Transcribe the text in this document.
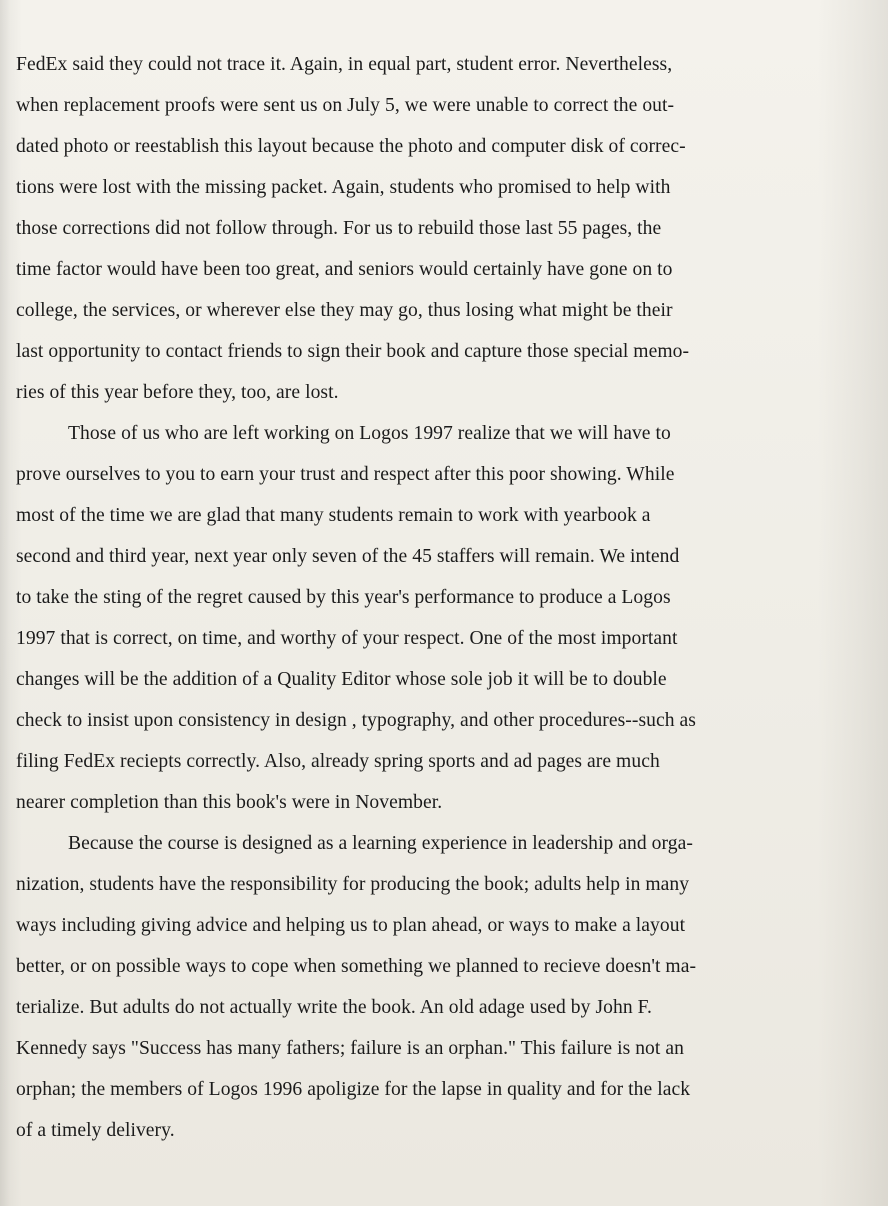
FedEx said they could not trace it. Again, in equal part, student error. Nevertheless,
when replacement proofs were sent us on July 5, we were unable to correct the out-
dated photo or reestablish this layout because the photo and computer disk of correc-
tions were lost with the missing packet. Again, students who promised to help with
those corrections did not follow through. For us to rebuild those last 55 pages, the
time factor would have been too great, and seniors would certainly have gone on to
college, the services, or wherever else they may go, thus losing what might be their
last opportunity to contact friends to sign their book and capture those special memo-
ries of this year before they, too, are lost.
Those of us who are left working on Logos 1997 realize that we will have to
prove ourselves to you to earn your trust and respect after this poor showing. While
most of the time we are glad that many students remain to work with yearbook a
second and third year, next year only seven of the 45 staffers will remain. We intend
to take the sting of the regret caused by this year's performance to produce a Logos
1997 that is correct, on time, and worthy of your respect. One of the most important
changes will be the addition of a Quality Editor whose sole job it will be to double
check to insist upon consistency in design , typography, and other procedures--such as
filing FedEx reciepts correctly. Also, already spring sports and ad pages are much
nearer completion than this book's were in November.
Because the course is designed as a learning experience in leadership and orga-
nization, students have the responsibility for producing the book; adults help in many
ways including giving advice and helping us to plan ahead, or ways to make a layout
better, or on possible ways to cope when something we planned to recieve doesn't ma-
terialize. But adults do not actually write the book. An old adage used by John F.
Kennedy says "Success has many fathers; failure is an orphan." This failure is not an
orphan; the members of Logos 1996 apoligize for the lapse in quality and for the lack
of a timely delivery.
